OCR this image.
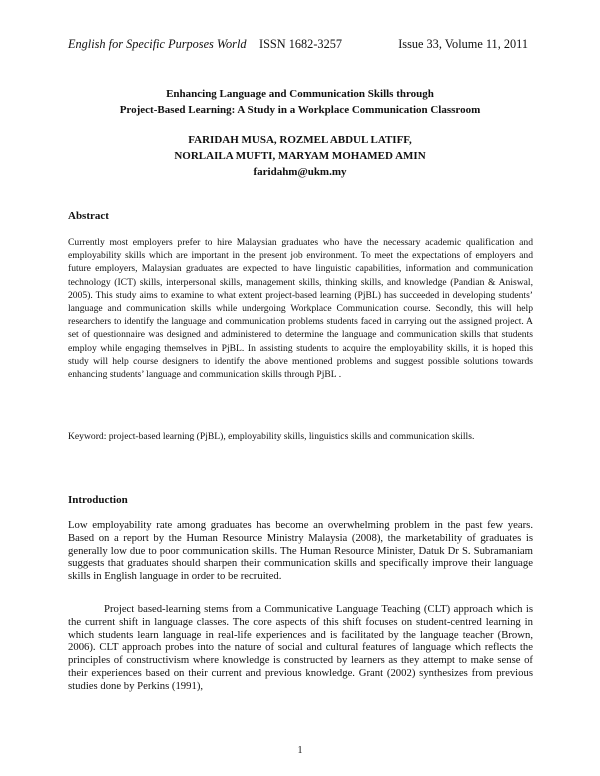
English for Specific Purposes World ISSN 1682-3257	Issue 33, Volume 11, 2011
Enhancing Language and Communication Skills through
Project-Based Learning: A Study in a Workplace Communication Classroom
FARIDAH MUSA, ROZMEL ABDUL LATIFF,
NORLAILA MUFTI, MARYAM MOHAMED AMIN
faridahm@ukm.my
Abstract
Currently most employers prefer to hire Malaysian graduates who have the necessary academic qualification and employability skills which are important in the present job environment. To meet the expectations of employers and future employers, Malaysian graduates are expected to have linguistic capabilities, information and communication technology (ICT) skills, interpersonal skills, management skills, thinking skills, and knowledge (Pandian & Aniswal, 2005). This study aims to examine to what extent project-based learning (PjBL) has succeeded in developing students’ language and communication skills while undergoing Workplace Communication course. Secondly, this will help researchers to identify the language and communication problems students faced in carrying out the assigned project. A set of questionnaire was designed and administered to determine the language and communication skills that students employ while engaging themselves in PjBL. In assisting students to acquire the employability skills, it is hoped this study will help course designers to identify the above mentioned problems and suggest possible solutions towards enhancing students’ language and communication skills through PjBL .
Keyword: project-based learning (PjBL), employability skills, linguistics skills and communication skills.
Introduction
Low employability rate among graduates has become an overwhelming problem in the past few years. Based on a report by the Human Resource Ministry Malaysia (2008), the marketability of graduates is generally low due to poor communication skills. The Human Resource Minister, Datuk Dr S. Subramaniam suggests that graduates should sharpen their communication skills and specifically improve their language skills in English language in order to be recruited.
Project based-learning stems from a Communicative Language Teaching (CLT) approach which is the current shift in language classes. The core aspects of this shift focuses on student-centred learning in which students learn language in real-life experiences and is facilitated by the language teacher (Brown, 2006). CLT approach probes into the nature of social and cultural features of language which reflects the principles of constructivism where knowledge is constructed by learners as they attempt to make sense of their experiences based on their current and previous knowledge. Grant (2002) synthesizes from previous studies done by Perkins (1991),
1
